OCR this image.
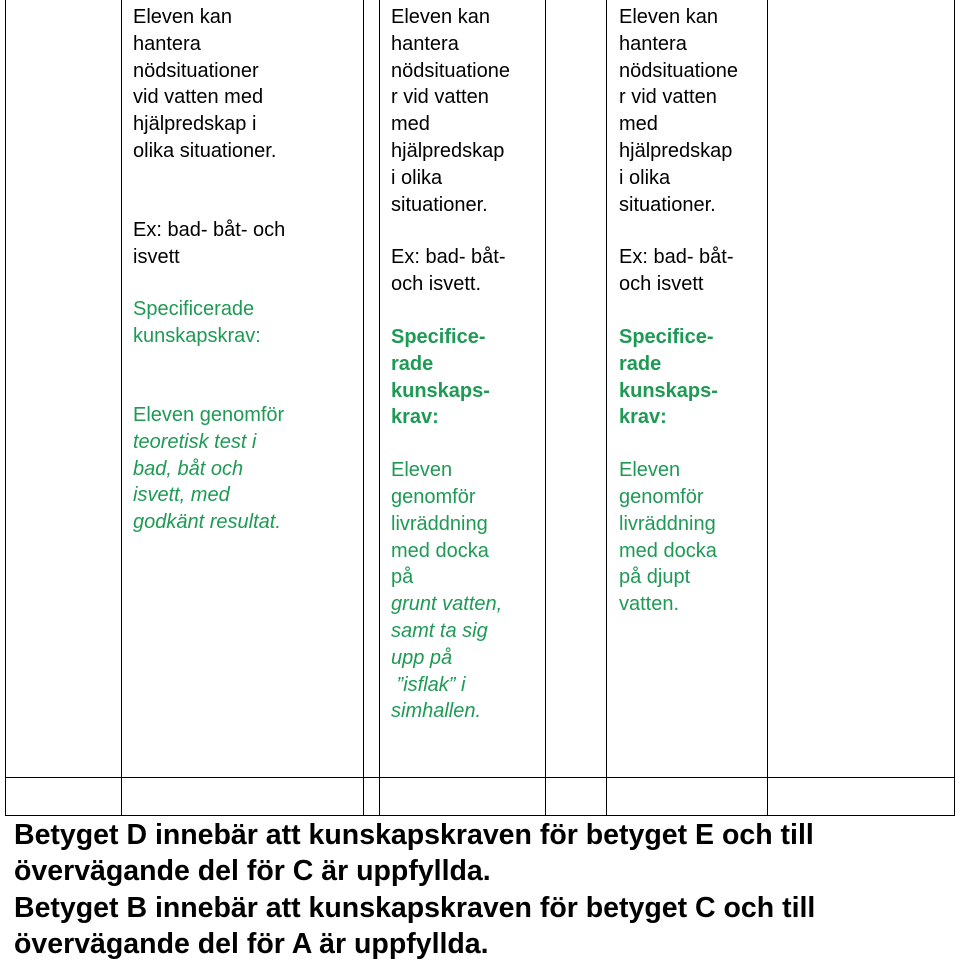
Eleven kan

hantera

nödsituationer

vid vatten med

hjälpredskap i

olika situationer.

Ex: bad- båt- och

isvett

Specificerade

kunskapskrav:

Eleven genomför

teoretisk test i

bad, båt och

isvett, med

godkänt resultat.

Eleven kan

hantera

nödsituatione

r vid vatten

med

hjälpredskap

i olika

situationer.

Ex: bad- båt-

och isvett.

Specifice-

rade

kunskaps-

krav:

Eleven

genomför

livräddning

med docka

på

grunt vatten,

samt ta sig

upp på

”isflak” i

simhallen.

Eleven kan

hantera

nödsituatione

r vid vatten

med

hjälpredskap

i olika

situationer.

Ex: bad- båt-

och isvett

Specifice-

rade

kunskaps-

krav:

Eleven

genomför

livräddning

med docka

på djupt

vatten.

Betyget D innebär att kunskapskraven för betyget E och till

övervägande del för C är uppfyllda.

Betyget B innebär att kunskapskraven för betyget C och till

övervägande del för A är uppfyllda.
